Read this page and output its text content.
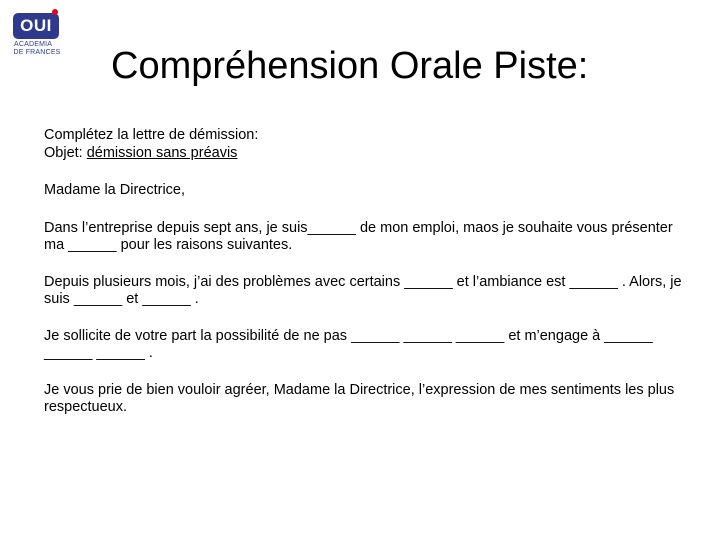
OUI
ACADEMIA
DE FRANCES Compréhension Orale Piste:

Complétez la lettre de démission:

Objet: démission sans préavis

Madame la Directrice,

Dans l’entreprise depuis sept ans, je suis______ de mon emploi, maos je souhaite vous présenter ma ______ pour les raisons suivantes.

Depuis plusieurs mois, j’ai des problèmes avec certains ______ et l’ambiance est ______ . Alors, je suis ______ et ______ .

Je sollicite de votre part la possibilité de ne pas ______ ______ ______ et m’engage à ______ ______ ______ .

Je vous prie de bien vouloir agréer, Madame la Directrice, l’expression de mes sentiments les plus respectueux.
